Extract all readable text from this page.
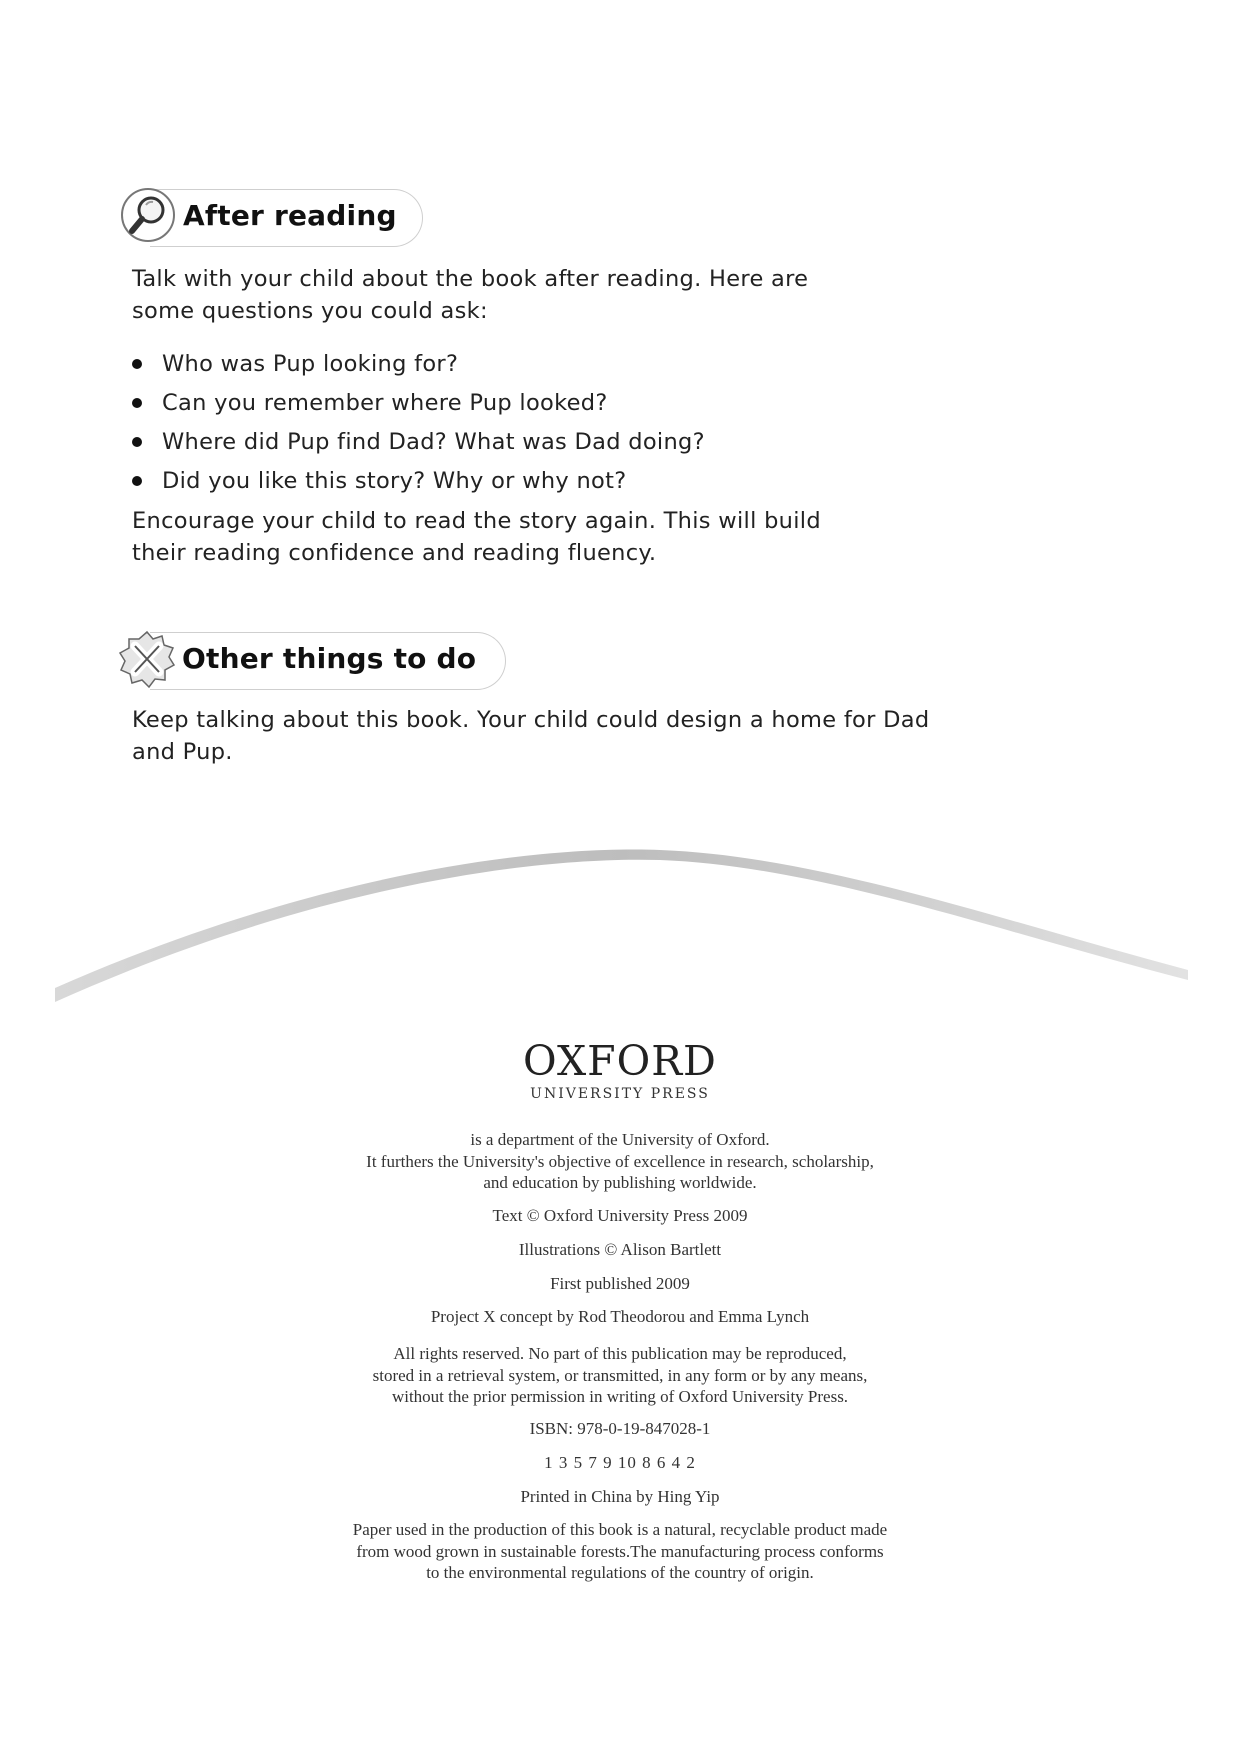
After reading
Talk with your child about the book after reading. Here are
some questions you could ask:
Who was Pup looking for?
Can you remember where Pup looked?
Where did Pup find Dad? What was Dad doing?
Did you like this story? Why or why not?
Encourage your child to read the story again. This will build
their reading confidence and reading fluency.
Other things to do
Keep talking about this book. Your child could design a home for Dad
and Pup.
OXFORD
UNIVERSITY PRESS
is a department of the University of Oxford.
It furthers the University's objective of excellence in research, scholarship,
and education by publishing worldwide.
Text © Oxford University Press 2009
Illustrations © Alison Bartlett
First published 2009
Project X concept by Rod Theodorou and Emma Lynch
All rights reserved. No part of this publication may be reproduced,
stored in a retrieval system, or transmitted, in any form or by any means,
without the prior permission in writing of Oxford University Press.
ISBN: 978-0-19-847028-1
1 3 5 7 9 10 8 6 4 2
Printed in China by Hing Yip
Paper used in the production of this book is a natural, recyclable product made
from wood grown in sustainable forests.The manufacturing process conforms
to the environmental regulations of the country of origin.
